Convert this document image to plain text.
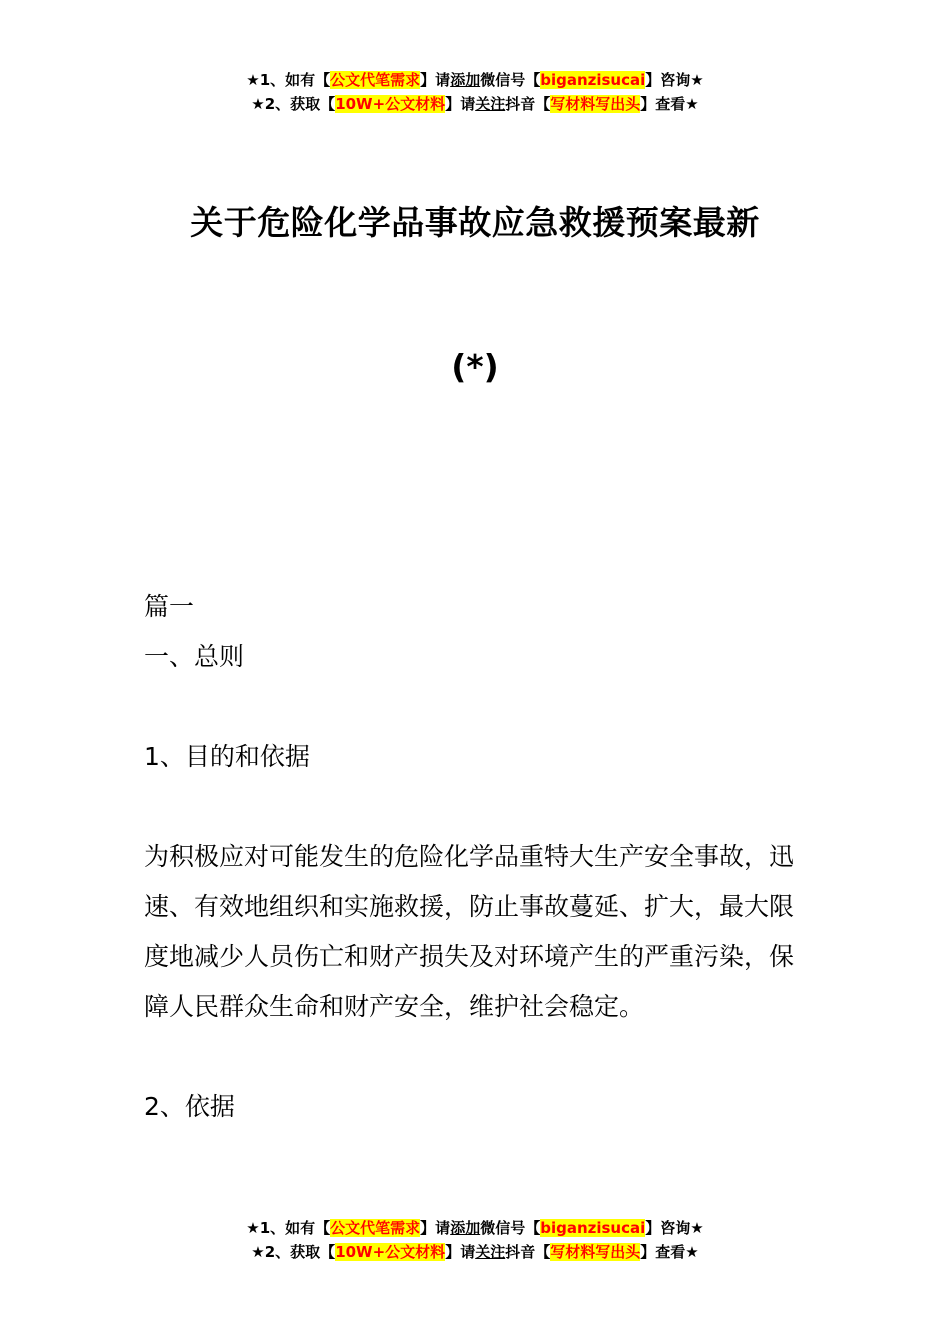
★1、如有【公文代笔需求】请添加微信号【biganzisucai】咨询★
★2、获取【10W+公文材料】请关注抖音【写材料写出头】查看★
关于危险化学品事故应急救援预案最新
(*)

篇一

一、总则

1、目的和依据

为积极应对可能发生的危险化学品重特大生产安全事故，迅速、有效地组织和实施救援，防止事故蔓延、扩大，最大限度地减少人员伤亡和财产损失及对环境产生的严重污染，保障人民群众生命和财产安全，维护社会稳定。

2、依据

★1、如有【公文代笔需求】请添加微信号【biganzisucai】咨询★
★2、获取【10W+公文材料】请关注抖音【写材料写出头】查看★
